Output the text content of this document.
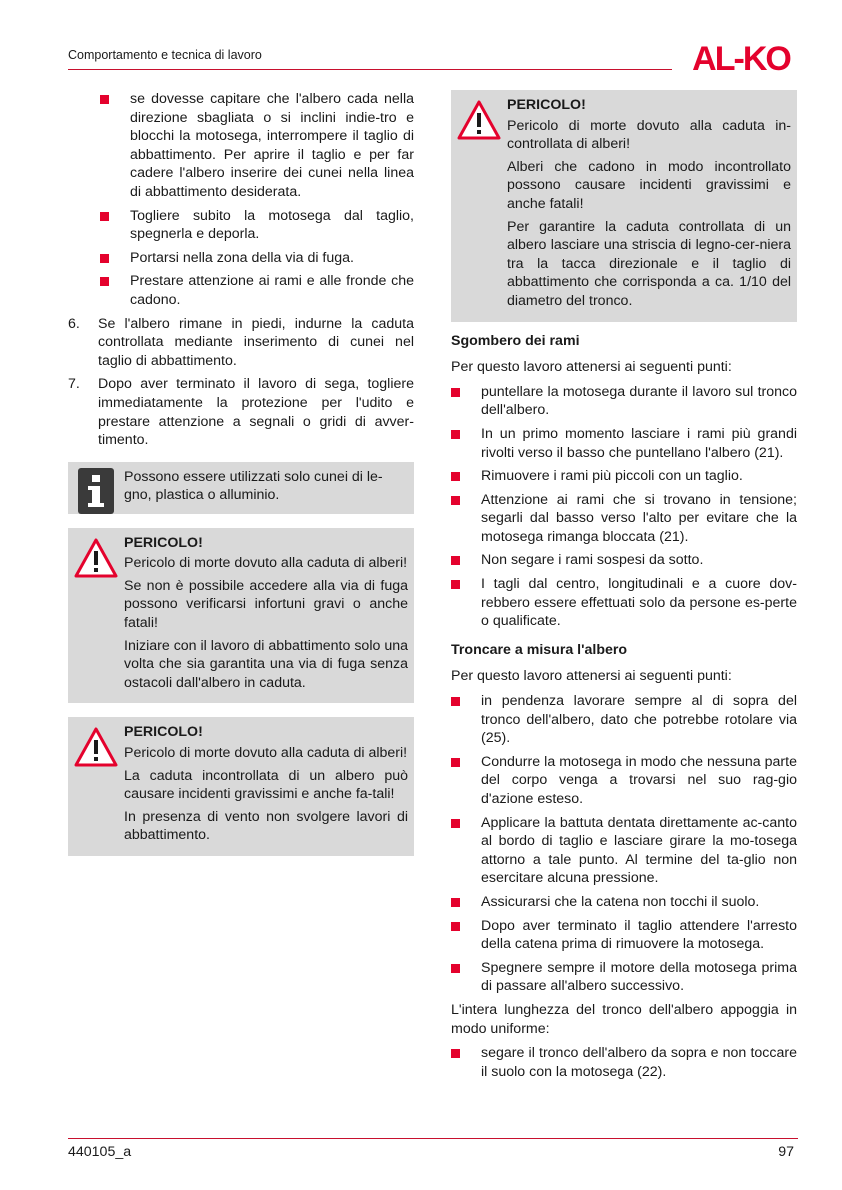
Comportamento e tecnica di lavoro	AL-KO
se dovesse capitare che l'albero cada nella direzione sbagliata o si inclini indie-tro e blocchi la motosega, interrompere il taglio di abbattimento. Per aprire il taglio e per far cadere l'albero inserire dei cunei nella linea di abbattimento desiderata.
Togliere subito la motosega dal taglio, spegnerla e deporla.
Portarsi nella zona della via di fuga.
Prestare attenzione ai rami e alle fronde che cadono.
6. Se l'albero rimane in piedi, indurne la caduta controllata mediante inserimento di cunei nel taglio di abbattimento.
7. Dopo aver terminato il lavoro di sega, togliere immediatamente la protezione per l'udito e prestare attenzione a segnali o gridi di avver-timento.
Possono essere utilizzati solo cunei di le-gno, plastica o alluminio.
PERICOLO!

Pericolo di morte dovuto alla caduta di alberi!

Se non è possibile accedere alla via di fuga possono verificarsi infortuni gravi o anche fatali!

Iniziare con il lavoro di abbattimento solo una volta che sia garantita una via di fuga senza ostacoli dall'albero in caduta.

PERICOLO!

Pericolo di morte dovuto alla caduta di alberi!

La caduta incontrollata di un albero può causare incidenti gravissimi e anche fa-tali!

In presenza di vento non svolgere lavori di abbattimento.

PERICOLO!

Pericolo di morte dovuto alla caduta in-controllata di alberi!

Alberi che cadono in modo incontrollato possono causare incidenti gravissimi e anche fatali!

Per garantire la caduta controllata di un albero lasciare una striscia di legno-cer-niera tra la tacca direzionale e il taglio di abbattimento che corrisponda a ca. 1/10 del diametro del tronco.

Sgombero dei rami

Per questo lavoro attenersi ai seguenti punti:

puntellare la motosega durante il lavoro sul tronco dell'albero.
In un primo momento lasciare i rami più grandi rivolti verso il basso che puntellano l'albero (21).
Rimuovere i rami più piccoli con un taglio.
Attenzione ai rami che si trovano in tensione; segarli dal basso verso l'alto per evitare che la motosega rimanga bloccata (21).
Non segare i rami sospesi da sotto.
I tagli dal centro, longitudinali e a cuore dov-rebbero essere effettuati solo da persone es-perte o qualificate.
Troncare a misura l'albero

Per questo lavoro attenersi ai seguenti punti:

in pendenza lavorare sempre al di sopra del tronco dell'albero, dato che potrebbe rotolare via (25).
Condurre la motosega in modo che nessuna parte del corpo venga a trovarsi nel suo rag-gio d'azione esteso.
Applicare la battuta dentata direttamente ac-canto al bordo di taglio e lasciare girare la mo-tosega attorno a tale punto. Al termine del ta-glio non esercitare alcuna pressione.
Assicurarsi che la catena non tocchi il suolo.
Dopo aver terminato il taglio attendere l'arresto della catena prima di rimuovere la motosega.
Spegnere sempre il motore della motosega prima di passare all'albero successivo.

L'intera lunghezza del tronco dell'albero appoggia in modo uniforme:

segare il tronco dell'albero da sopra e non toccare il suolo con la motosega (22).
440105_a	97
